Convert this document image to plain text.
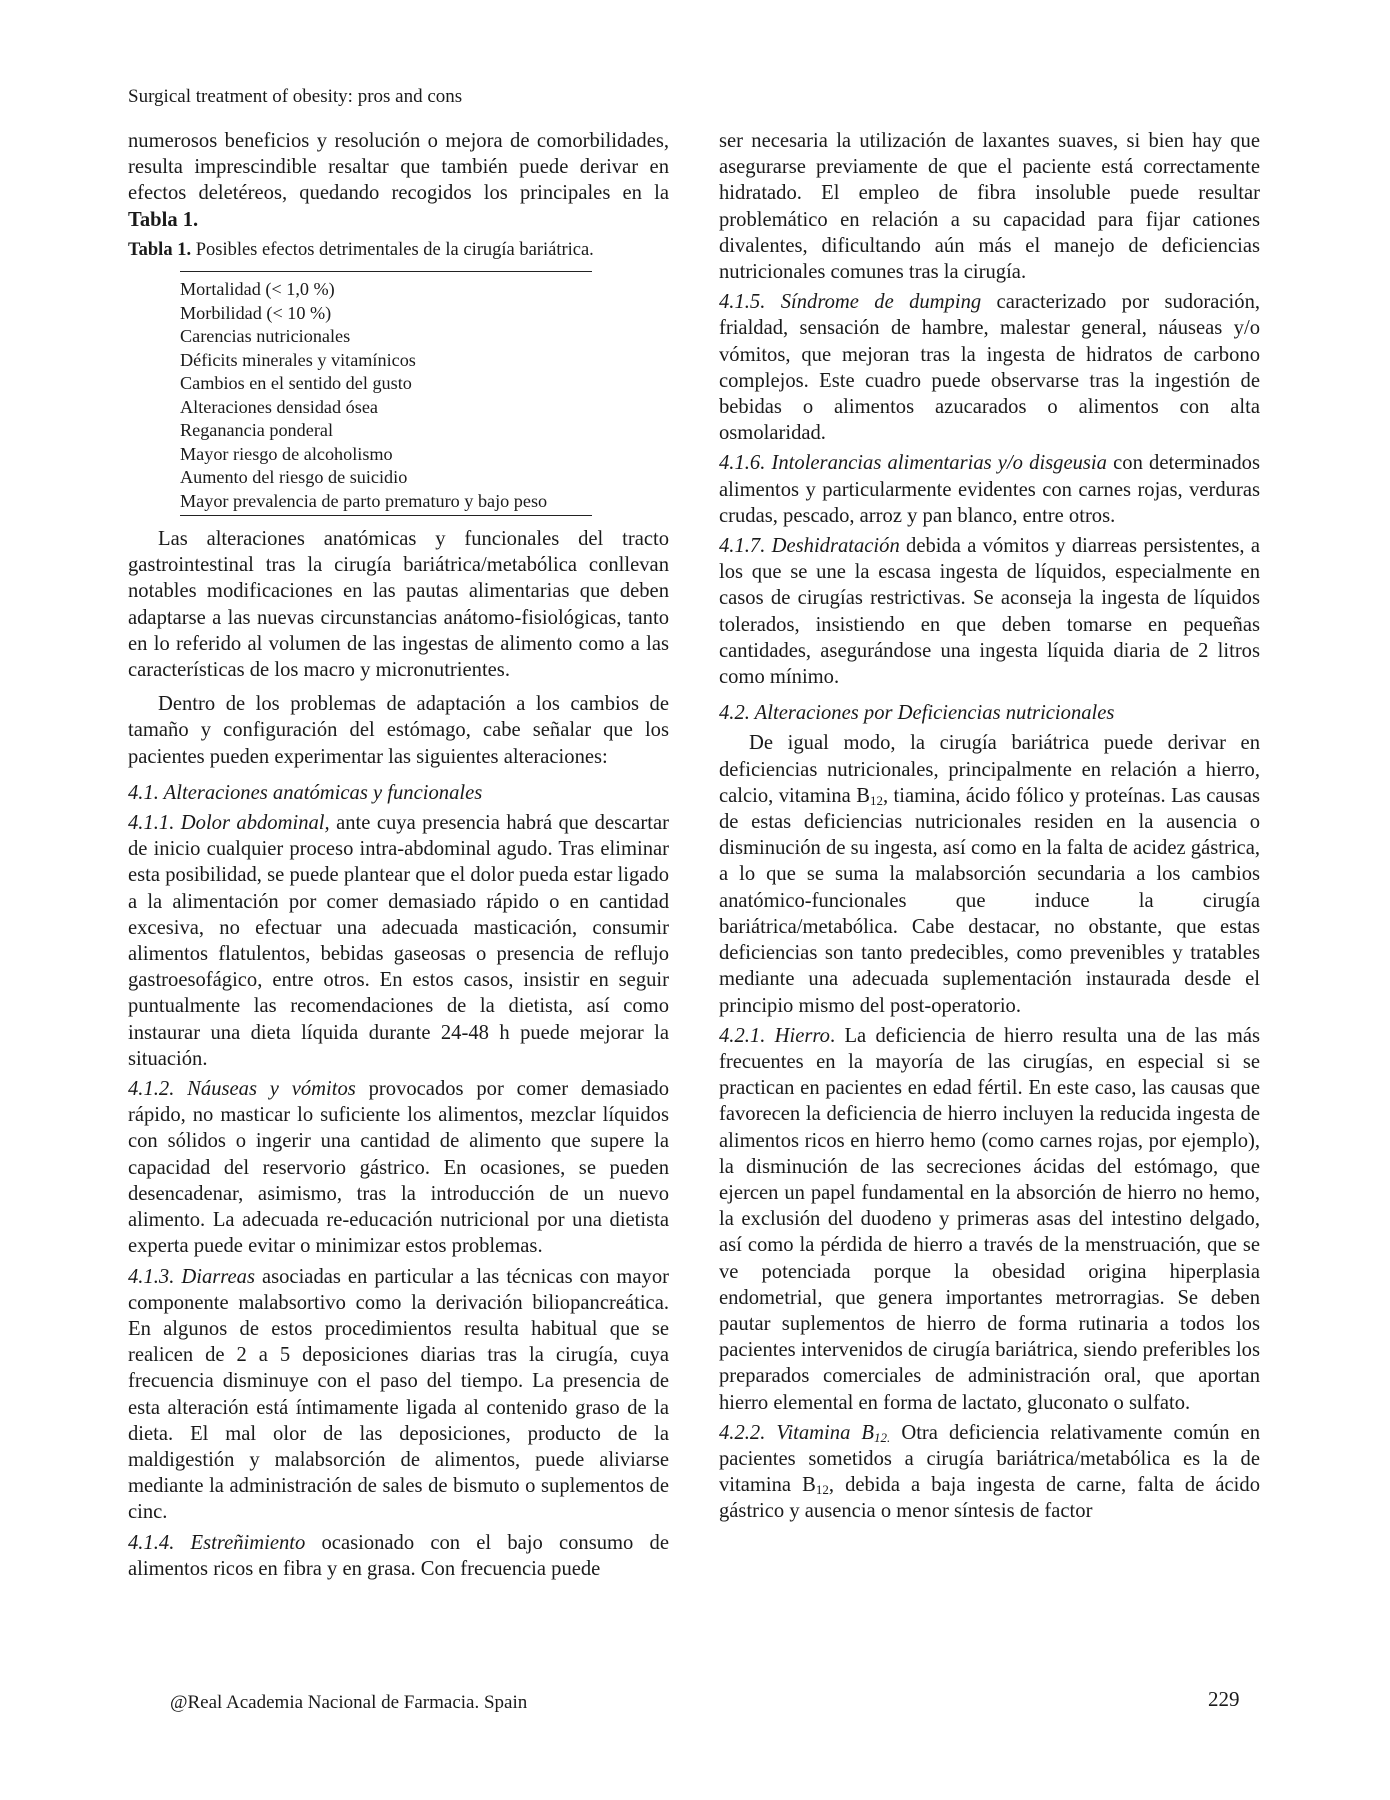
Surgical treatment of obesity: pros and cons

numerosos beneficios y resolución o mejora de comorbilidades, resulta imprescindible resaltar que también puede derivar en efectos deletéreos, quedando recogidos los principales en la Tabla 1.

Tabla 1. Posibles efectos detrimentales de la cirugía bariátrica.
Mortalidad (< 1,0 %)
Morbilidad (< 10 %)
Carencias nutricionales
Déficits minerales y vitamínicos
Cambios en el sentido del gusto
Alteraciones densidad ósea
Reganancia ponderal
Mayor riesgo de alcoholismo
Aumento del riesgo de suicidio
Mayor prevalencia de parto prematuro y bajo peso

Las alteraciones anatómicas y funcionales del tracto gastrointestinal tras la cirugía bariátrica/metabólica conllevan notables modificaciones en las pautas alimentarias que deben adaptarse a las nuevas circunstancias anátomo-fisiológicas, tanto en lo referido al volumen de las ingestas de alimento como a las características de los macro y micronutrientes.

Dentro de los problemas de adaptación a los cambios de tamaño y configuración del estómago, cabe señalar que los pacientes pueden experimentar las siguientes alteraciones:

4.1. Alteraciones anatómicas y funcionales

4.1.1. Dolor abdominal, ante cuya presencia habrá que descartar de inicio cualquier proceso intra-abdominal agudo. Tras eliminar esta posibilidad, se puede plantear que el dolor pueda estar ligado a la alimentación por comer demasiado rápido o en cantidad excesiva, no efectuar una adecuada masticación, consumir alimentos flatulentos, bebidas gaseosas o presencia de reflujo gastroesofágico, entre otros. En estos casos, insistir en seguir puntualmente las recomendaciones de la dietista, así como instaurar una dieta líquida durante 24-48 h puede mejorar la situación.

4.1.2. Náuseas y vómitos provocados por comer demasiado rápido, no masticar lo suficiente los alimentos, mezclar líquidos con sólidos o ingerir una cantidad de alimento que supere la capacidad del reservorio gástrico. En ocasiones, se pueden desencadenar, asimismo, tras la introducción de un nuevo alimento. La adecuada re-educación nutricional por una dietista experta puede evitar o minimizar estos problemas.

4.1.3. Diarreas asociadas en particular a las técnicas con mayor componente malabsortivo como la derivación biliopancreática. En algunos de estos procedimientos resulta habitual que se realicen de 2 a 5 deposiciones diarias tras la cirugía, cuya frecuencia disminuye con el paso del tiempo. La presencia de esta alteración está íntimamente ligada al contenido graso de la dieta. El mal olor de las deposiciones, producto de la maldigestión y malabsorción de alimentos, puede aliviarse mediante la administración de sales de bismuto o suplementos de cinc.

4.1.4. Estreñimiento ocasionado con el bajo consumo de alimentos ricos en fibra y en grasa. Con frecuencia puede

ser necesaria la utilización de laxantes suaves, si bien hay que asegurarse previamente de que el paciente está correctamente hidratado. El empleo de fibra insoluble puede resultar problemático en relación a su capacidad para fijar cationes divalentes, dificultando aún más el manejo de deficiencias nutricionales comunes tras la cirugía.

4.1.5. Síndrome de dumping caracterizado por sudoración, frialdad, sensación de hambre, malestar general, náuseas y/o vómitos, que mejoran tras la ingesta de hidratos de carbono complejos. Este cuadro puede observarse tras la ingestión de bebidas o alimentos azucarados o alimentos con alta osmolaridad.

4.1.6. Intolerancias alimentarias y/o disgeusia con determinados alimentos y particularmente evidentes con carnes rojas, verduras crudas, pescado, arroz y pan blanco, entre otros.

4.1.7. Deshidratación debida a vómitos y diarreas persistentes, a los que se une la escasa ingesta de líquidos, especialmente en casos de cirugías restrictivas. Se aconseja la ingesta de líquidos tolerados, insistiendo en que deben tomarse en pequeñas cantidades, asegurándose una ingesta líquida diaria de 2 litros como mínimo.

4.2. Alteraciones por Deficiencias nutricionales

De igual modo, la cirugía bariátrica puede derivar en deficiencias nutricionales, principalmente en relación a hierro, calcio, vitamina $B_{12}$, tiamina, ácido fólico y proteínas. Las causas de estas deficiencias nutricionales residen en la ausencia o disminución de su ingesta, así como en la falta de acidez gástrica, a lo que se suma la malabsorción secundaria a los cambios anatómico-funcionales que induce la cirugía bariátrica/metabólica. Cabe destacar, no obstante, que estas deficiencias son tanto predecibles, como prevenibles y tratables mediante una adecuada suplementación instaurada desde el principio mismo del post-operatorio.

4.2.1. Hierro. La deficiencia de hierro resulta una de las más frecuentes en la mayoría de las cirugías, en especial si se practican en pacientes en edad fértil. En este caso, las causas que favorecen la deficiencia de hierro incluyen la reducida ingesta de alimentos ricos en hierro hemo (como carnes rojas, por ejemplo), la disminución de las secreciones ácidas del estómago, que ejercen un papel fundamental en la absorción de hierro no hemo, la exclusión del duodeno y primeras asas del intestino delgado, así como la pérdida de hierro a través de la menstruación, que se ve potenciada porque la obesidad origina hiperplasia endometrial, que genera importantes metrorragias. Se deben pautar suplementos de hierro de forma rutinaria a todos los pacientes intervenidos de cirugía bariátrica, siendo preferibles los preparados comerciales de administración oral, que aportan hierro elemental en forma de lactato, gluconato o sulfato.

4.2.2. Vitamina $B_{12.}$ Otra deficiencia relativamente común en pacientes sometidos a cirugía bariátrica/metabólica es la de vitamina $B_{12}$, debida a baja ingesta de carne, falta de ácido gástrico y ausencia o menor síntesis de factor

@Real Academia Nacional de Farmacia. Spain	229
